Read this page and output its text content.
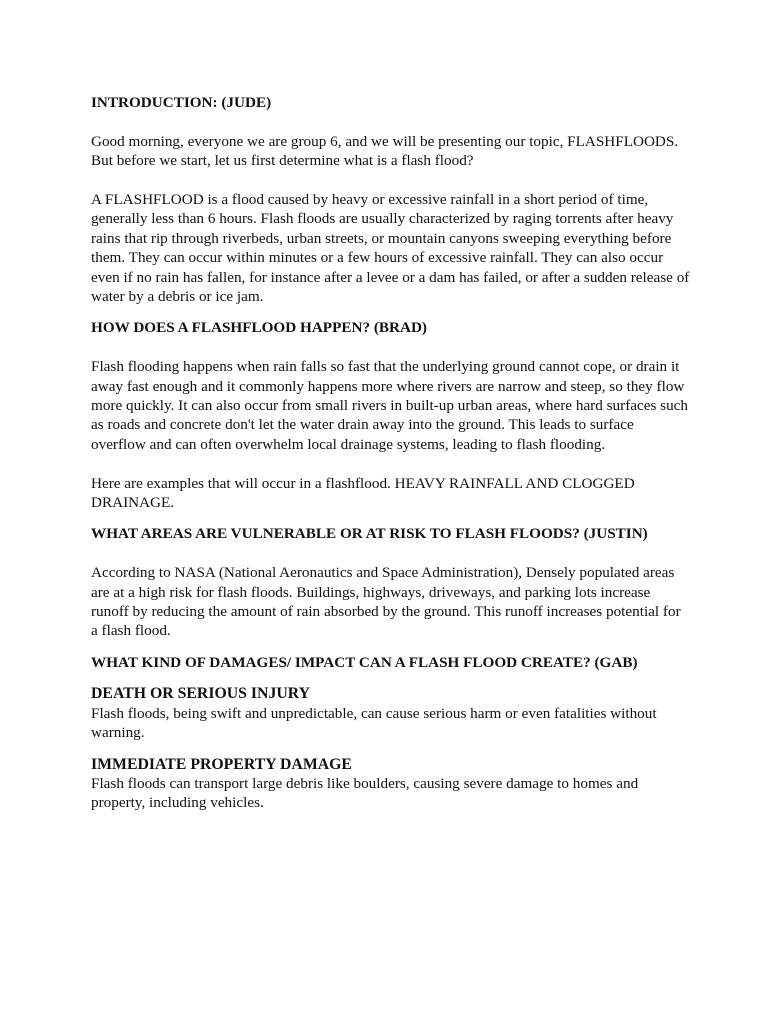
INTRODUCTION: (JUDE)

Good morning, everyone we are group 6, and we will be presenting our topic, FLASHFLOODS. But before we start, let us first determine what is a flash flood?

A FLASHFLOOD is a flood caused by heavy or excessive rainfall in a short period of time, generally less than 6 hours. Flash floods are usually characterized by raging torrents after heavy rains that rip through riverbeds, urban streets, or mountain canyons sweeping everything before them. They can occur within minutes or a few hours of excessive rainfall. They can also occur even if no rain has fallen, for instance after a levee or a dam has failed, or after a sudden release of water by a debris or ice jam.

HOW DOES A FLASHFLOOD HAPPEN? (BRAD)

Flash flooding happens when rain falls so fast that the underlying ground cannot cope, or drain it away fast enough and it commonly happens more where rivers are narrow and steep, so they flow more quickly. It can also occur from small rivers in built-up urban areas, where hard surfaces such as roads and concrete don't let the water drain away into the ground. This leads to surface overflow and can often overwhelm local drainage systems, leading to flash flooding.

Here are examples that will occur in a flashflood. HEAVY RAINFALL AND CLOGGED DRAINAGE.

WHAT AREAS ARE VULNERABLE OR AT RISK TO FLASH FLOODS? (JUSTIN)

According to NASA (National Aeronautics and Space Administration), Densely populated areas are at a high risk for flash floods. Buildings, highways, driveways, and parking lots increase runoff by reducing the amount of rain absorbed by the ground. This runoff increases potential for a flash flood.

WHAT KIND OF DAMAGES/ IMPACT CAN A FLASH FLOOD CREATE? (GAB)

DEATH OR SERIOUS INJURY

Flash floods, being swift and unpredictable, can cause serious harm or even fatalities without warning.

IMMEDIATE PROPERTY DAMAGE

Flash floods can transport large debris like boulders, causing severe damage to homes and property, including vehicles.
